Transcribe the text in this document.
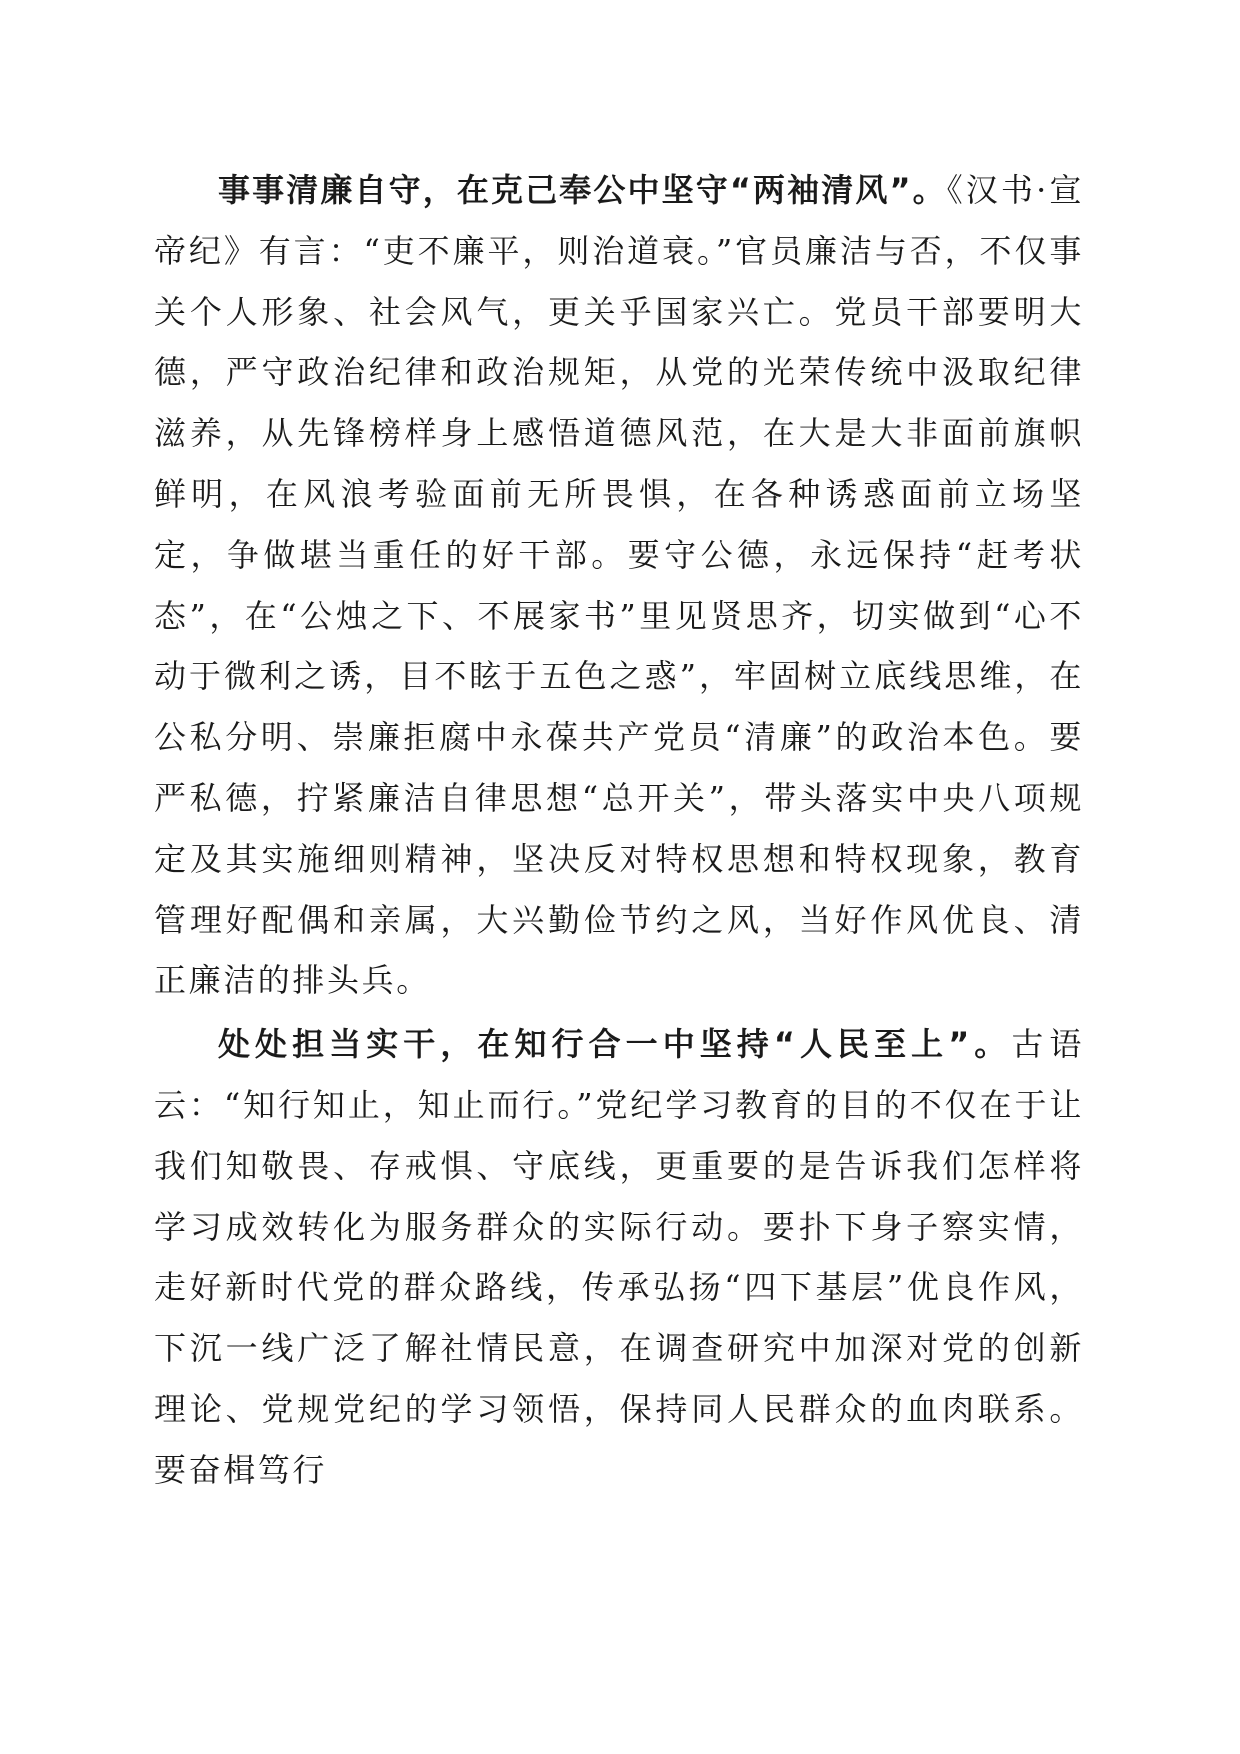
事事清廉自守，在克己奉公中坚守“两袖清风”。《汉书·宣帝纪》有言：“吏不廉平，则治道衰。”官员廉洁与否，不仅事关个人形象、社会风气，更关乎国家兴亡。党员干部要明大德，严守政治纪律和政治规矩，从党的光荣传统中汲取纪律滋养，从先锋榜样身上感悟道德风范，在大是大非面前旗帜鲜明，在风浪考验面前无所畏惧，在各种诱惑面前立场坚定，争做堪当重任的好干部。要守公德，永远保持“赶考状态”，在“公烛之下、不展家书”里见贤思齐，切实做到“心不动于微利之诱，目不眩于五色之惑”，牢固树立底线思维，在公私分明、崇廉拒腐中永葆共产党员“清廉”的政治本色。要严私德，拧紧廉洁自律思想“总开关”，带头落实中央八项规定及其实施细则精神，坚决反对特权思想和特权现象，教育管理好配偶和亲属，大兴勤俭节约之风，当好作风优良、清正廉洁的排头兵。

处处担当实干，在知行合一中坚持“人民至上”。古语云：“知行知止，知止而行。”党纪学习教育的目的不仅在于让我们知敬畏、存戒惧、守底线，更重要的是告诉我们怎样将学习成效转化为服务群众的实际行动。要扑下身子察实情，走好新时代党的群众路线，传承弘扬“四下基层”优良作风，下沉一线广泛了解社情民意，在调查研究中加深对党的创新理论、党规党纪的学习领悟，保持同人民群众的血肉联系。要奋楫笃行
